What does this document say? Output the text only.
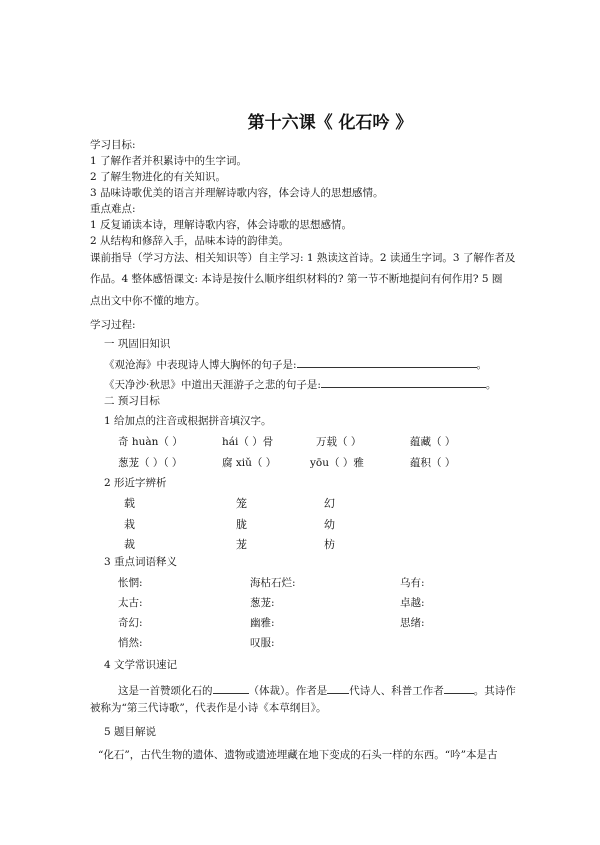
第十六课《 化石吟 》
学习目标:
1 了解作者并积累诗中的生字词。
2 了解生物进化的有关知识。
3 品味诗歌优美的语言并理解诗歌内容，体会诗人的思想感情。
重点难点:
1 反复诵读本诗，理解诗歌内容，体会诗歌的思想感情。
2 从结构和修辞入手，品味本诗的韵律美。
课前指导（学习方法、相关知识等）自主学习: 1 熟读这首诗。2 读通生字词。3 了解作者及
作品。4 整体感悟课文: 本诗是按什么顺序组织材料的? 第一节不断地提问有何作用? 5 圈
点出文中你不懂的地方。
学习过程:
一 巩固旧知识
《观沧海》中表现诗人博大胸怀的句子是:	。
《天净沙·秋思》中道出天涯游子之悲的句子是:	。
二 预习目标
1 给加点的注音或根据拼音填汉字。
奇 huàn（ ）	hái（ ）骨	万载（ ）	蕴藏（ ）
葱茏（ ）（ ）	腐 xiǔ（ ）	yōu（ ）雅	蕴积（ ）
2 形近字辨析
载	笼	幻
栽	胧	幼
裁	茏	枋
3 重点词语释义
怅惘:	海枯石烂:	乌有:
太古:	葱茏:	卓越:
奇幻:	幽雅:	思绪:
悄然:	叹服:
4 文学常识速记
这是一首赞颂化石的	（体裁）。作者是 代诗人、科普工作者	。其诗作
被称为“第三代诗歌”，代表作是小诗《本草纲目》。
5 题目解说
“化石”，古代生物的遗体、遗物或遗迹埋藏在地下变成的石头一样的东西。“吟”本是古
